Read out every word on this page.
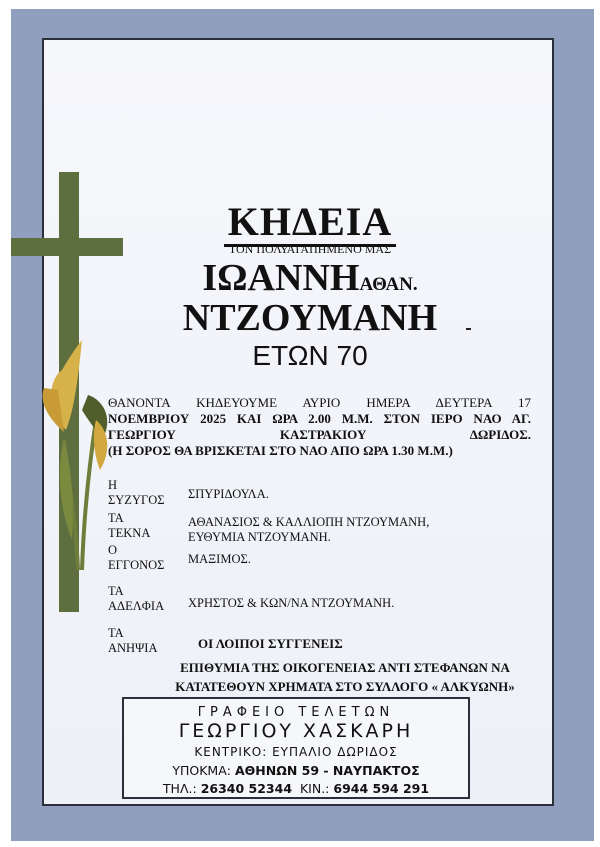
ΚΗΔΕΙΑ
ΤΟΝ ΠΟΛΥΑΓΑΠΗΜΕΝΟ ΜΑΣ
ΙΩΑΝΝΗΑΘΑΝ.
ΝΤΖΟΥΜΑΝΗ
ΕΤΩΝ 70
ΘΑΝΟΝΤΑ ΚΗΔΕΥΟΥΜΕ ΑΥΡΙΟ ΗΜΕΡΑ ΔΕΥΤΕΡΑ 17
ΝΟΕΜΒΡΙΟΥ 2025 ΚΑΙ ΩΡΑ 2.00 Μ.Μ. ΣΤΟΝ ΙΕΡΟ ΝΑΟ ΑΓ.
ΓΕΩΡΓΙΟΥ ΚΑΣΤΡΑΚΙΟΥ ΔΩΡΙΔΟΣ.
(Η ΣΟΡΟΣ ΘΑ ΒΡΙΣΚΕΤΑΙ ΣΤΟ ΝΑΟ ΑΠΟ ΩΡΑ 1.30 Μ.Μ.)
Η
ΣΥΖΥΓΟΣ ΣΠΥΡΙΔΟΥΛΑ.
ΤΑ
ΤΕΚΝΑ
ΑΘΑΝΑΣΙΟΣ & ΚΑΛΛΙΟΠΗ ΝΤΖΟΥΜΑΝΗ,
ΕΥΘΥΜΙΑ ΝΤΖΟΥΜΑΝΗ.
Ο
ΕΓΓΟΝΟΣ ΜΑΞΙΜΟΣ.
ΤΑ
ΑΔΕΛΦΙΑ ΧΡΗΣΤΟΣ & ΚΩΝ/ΝΑ ΝΤΖΟΥΜΑΝΗ.
ΤΑ
ΑΝΗΨΙΑ	ΟΙ ΛΟΙΠΟΙ ΣΥΓΓΕΝΕΙΣ
ΕΠΙΘΥΜΙΑ ΤΗΣ ΟΙΚΟΓΕΝΕΙΑΣ ΑΝΤΙ ΣΤΕΦΑΝΩΝ ΝΑ
ΚΑΤΑΤΕΘΟΥΝ ΧΡΗΜΑΤΑ ΣΤΟ ΣΥΛΛΟΓΟ « ΑΛΚΥΩΝΗ»
ΓΡΑΦΕΙΟ ΤΕΛΕΤΩΝ
ΓΕΩΡΓΙΟΥ ΧΑΣΚΑΡΗ
ΚΕΝΤΡΙΚΟ: ΕΥΠΑΛΙΟ ΔΩΡΙΔΟΣ
ΥΠΟΚΜΑ: ΑΘΗΝΩΝ 59 - ΝΑΥΠΑΚΤΟΣ
ΤΗΛ.: 26340 52344 ΚΙΝ.: 6944 594 291
